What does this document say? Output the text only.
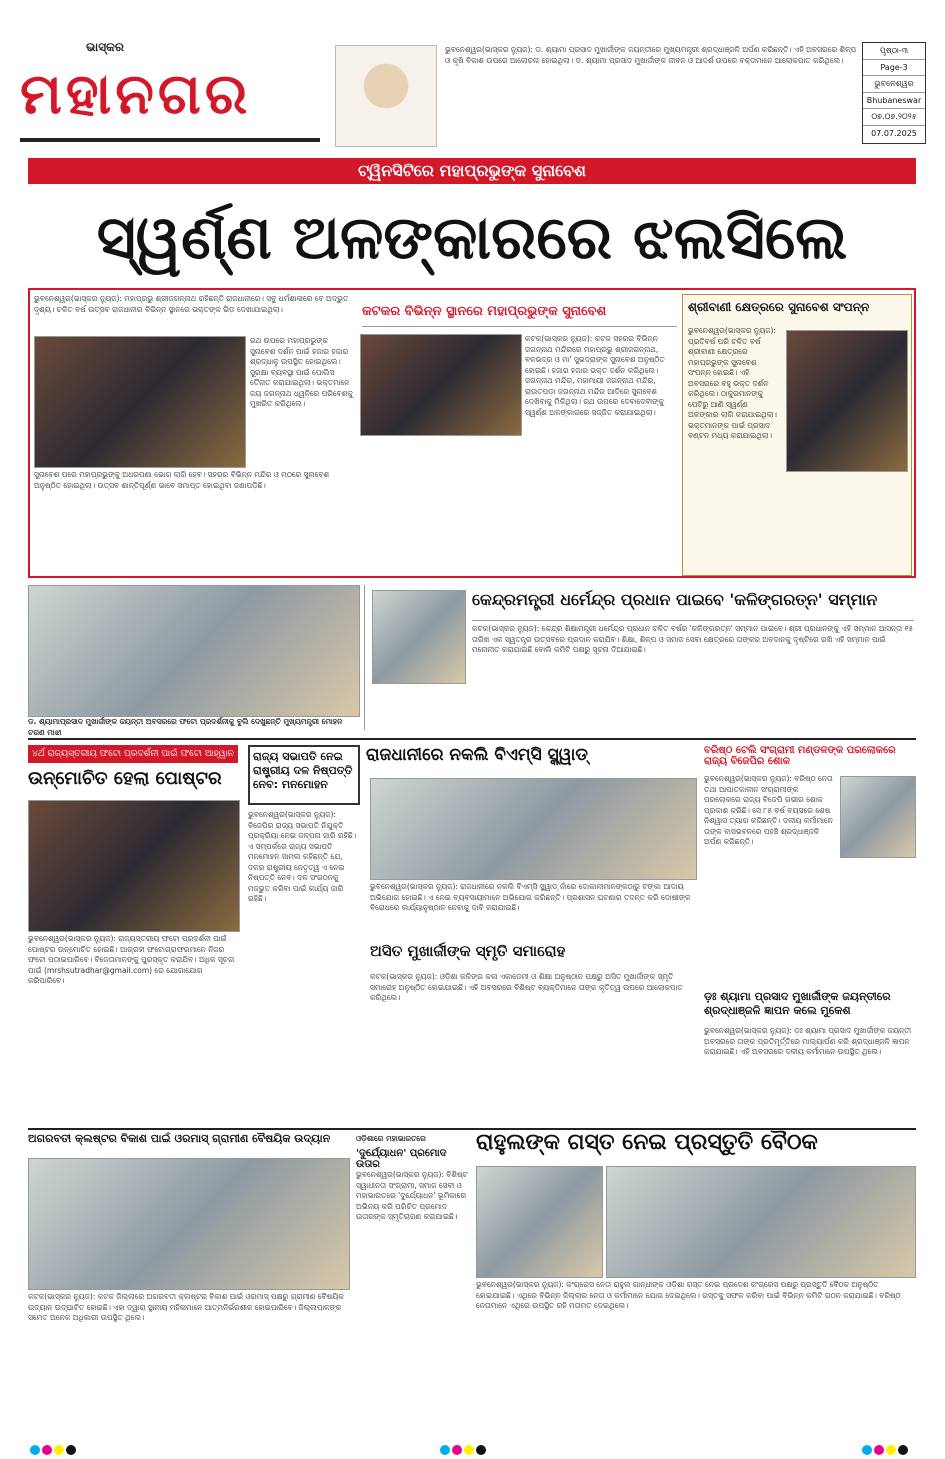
ଭାସ୍କର
ମହାନଗର
ଭୁବନେଶ୍ୱର(ଭାସ୍କର ନ୍ୟୁଜ): ଡ. ଶ୍ୟାମା ପ୍ରସାଦ ମୁଖାର୍ଜୀଙ୍କ ଜୟନ୍ତୀରେ ମୁଖ୍ୟମନ୍ତ୍ରୀ ଶ୍ରଦ୍ଧାଞ୍ଜଳି ଅର୍ପଣ କରିଛନ୍ତି। ଏହି ଅବସରରେ ଶିଳ୍ପ ଓ କୃଷି ବିକାଶ ଉପରେ ଆଲୋଚନା ହୋଇଥିଲା। ଡ. ଶ୍ୟାମା ପ୍ରସାଦ ମୁଖାର୍ଜୀଙ୍କ ଜୀବନ ଓ ଆଦର୍ଶ ଉପରେ ବକ୍ତାମାନେ ଆଲୋକପାତ କରିଥିଲେ।
ପୃଷ୍ଠା-୩
Page-3
ଭୁବନେଶ୍ୱର
Bhubaneswar
୦୭.୦୭.୨୦୨୫
07.07.2025
ଟ୍ୱିନସିଟିରେ ମହାପ୍ରଭୁଙ୍କ ସୁନାବେଶ
ସ୍ୱର୍ଣ୍ଣ ଅଳଙ୍କାରରେ ଝଲସିଲେ
ଭୁବନେଶ୍ୱର(ଭାସ୍କର ନ୍ୟୁଜ): ମହାପ୍ରଭୁ ଶ୍ରୀଜଗନ୍ନାଥ ରହିଛନ୍ତି ରାଜଧାନୀରେ। ସବୁ ଧର୍ମଶାଳାରେ ବେ ଅଦ୍ଭୁତ ଦୃଶ୍ୟ। ଚଳିତ ବର୍ଷ ଉତ୍ସବ ରାଜଧାନୀର ବିଭିନ୍ନ ସ୍ଥାନରେ ଭକ୍ତଙ୍କ ଭିଡ଼ ଦେଖାଯାଇଥିଲା।
ରଥ ଉପରେ ମହାପ୍ରଭୁଙ୍କ ସୁନାବେଶ ଦର୍ଶନ ପାଇଁ ହଜାର ହଜାର ଶ୍ରଦ୍ଧାଳୁ ଉପସ୍ଥିତ ହୋଇଥିଲେ। ସୁରକ୍ଷା ବ୍ୟବସ୍ଥା ପାଇଁ ପୋଲିସ ତୈନାତ କରାଯାଇଥିଲା। ଭକ୍ତମାନେ ଜୟ ଜଗନ୍ନାଥ ଧ୍ୱନିରେ ପରିବେଶକୁ ମୁଖରିତ କରିଥିଲେ।
ସୁନାବେଶ ପରେ ମହାପ୍ରଭୁଙ୍କୁ ଅଧରପଣା ଭୋଗ ଲାଗି ହେବ। ସହରର ବିଭିନ୍ନ ମନ୍ଦିର ଓ ମଠରେ ସୁନାବେଶ ଅନୁଷ୍ଠିତ ହୋଇଥିଲା। ଉତ୍ସବ ଶାନ୍ତିପୂର୍ଣ୍ଣ ଭାବେ ସମାପ୍ତ ହୋଇଥିବା ଜଣାପଡ଼ିଛି।
କଟକର ବିଭିନ୍ନ ସ୍ଥାନରେ ମହାପ୍ରଭୁଙ୍କ ସୁନାବେଶ
କଟକ(ଭାସ୍କର ନ୍ୟୁଜ): କଟକ ସହରର ବିଭିନ୍ନ ଜଗନ୍ନାଥ ମନ୍ଦିରରେ ମହାପ୍ରଭୁ ଶ୍ରୀଜଗନ୍ନାଥ, ବଳଭଦ୍ର ଓ ମା' ସୁଭଦ୍ରାଙ୍କ ସୁନାବେଶ ଅନୁଷ୍ଠିତ ହୋଇଛି। ହଜାର ହଜାର ଭକ୍ତ ଦର୍ଶନ କରିଥିଲେ। ଜଗନ୍ନାଥ ମନ୍ଦିର, ମହାମାୟୀ ଜଗନ୍ନାଥ ମନ୍ଦିର, ରାଉତପଡ଼ା ଜଗନ୍ନାଥ ମନ୍ଦିର ଆଦିରେ ସୁନାବେଶ ଦେଖିବାକୁ ମିଳିଥିଲା। ରଥ ଉପରେ ଦେବାଦେବୀଙ୍କୁ ସ୍ୱର୍ଣ୍ଣ ଅଳଙ୍କାରରେ ସଜ୍ଜିତ କରାଯାଇଥିଲା।
ଶ୍ରୀବାଣୀ କ୍ଷେତ୍ରରେ ସୁନାବେଶ ସଂପନ୍ନ
ଭୁବନେଶ୍ୱର(ଭାସ୍କର ନ୍ୟୁଜ): ପ୍ରତିବର୍ଷ ପରି ଚଳିତ ବର୍ଷ ଶ୍ରୀବାଣୀ କ୍ଷେତ୍ରରେ ମହାପ୍ରଭୁଙ୍କ ସୁନାବେଶ ସଂପନ୍ନ ହୋଇଛି। ଏହି ଅବସରରେ ବହୁ ଭକ୍ତ ଦର୍ଶନ କରିଥିଲେ। ଠାକୁରମାନଙ୍କୁ ପେଟିରୁ ଆଣି ସ୍ୱର୍ଣ୍ଣ ଅଳଙ୍କାର ଲାଗି କରାଯାଇଥିଲା। ଭକ୍ତମାନଙ୍କ ପାଇଁ ପ୍ରସାଦ ବଣ୍ଟନ ମଧ୍ୟ କରାଯାଇଥିଲା।
ଡ. ଶ୍ୟାମାପ୍ରସାଦ ମୁଖାର୍ଜୀଙ୍କ ଜୟନ୍ତୀ ଅବସରରେ ଫଟୋ ପ୍ରଦର୍ଶନୀକୁ ବୁଲି ଦେଖୁଛନ୍ତି ମୁଖ୍ୟମନ୍ତ୍ରୀ ମୋହନ ଚରଣ ମାଝୀ
କେନ୍ଦ୍ରମନ୍ତ୍ରୀ ଧର୍ମେନ୍ଦ୍ର ପ୍ରଧାନ ପାଇବେ 'କଳିଙ୍ଗରତ୍ନ' ସମ୍ମାନ
କଟକ(ଭାସ୍କର ନ୍ୟୁଜ): କେନ୍ଦ୍ର ଶିକ୍ଷାମନ୍ତ୍ରୀ ଧର୍ମେନ୍ଦ୍ର ପ୍ରଧାନ ଚଳିତ ବର୍ଷର 'କଳିଙ୍ଗରତ୍ନ' ସମ୍ମାନ ପାଇବେ। ଶ୍ରୀ ପ୍ରଧାନଙ୍କୁ ଏହି ସମ୍ମାନ ଆସନ୍ତା ୧୫ ତାରିଖ ଏକ ସ୍ୱତନ୍ତ୍ର ଉତ୍ସବରେ ପ୍ରଦାନ କରାଯିବ। ଶିକ୍ଷା, ଶିଳ୍ପ ଓ ସମାଜ ସେବା କ୍ଷେତ୍ରରେ ତାଙ୍କର ଅବଦାନକୁ ଦୃଷ୍ଟିରେ ରଖି ଏହି ସମ୍ମାନ ପାଇଁ ମନୋନୀତ କରାଯାଇଛି ବୋଲି କମିଟି ପକ୍ଷରୁ ସୂଚନା ଦିଆଯାଇଛି।
୪ର୍ଥ ରାଜ୍ୟସ୍ତରୀୟ ଫଟୋ ପ୍ରଦର୍ଶନୀ ପାଇଁ ଫଟୋ ଆହ୍ୱାନ
ଉନ୍ମୋଚିତ ହେଲା ପୋଷ୍ଟର
ଭୁବନେଶ୍ୱର(ଭାସ୍କର ନ୍ୟୁଜ): ରାଜ୍ୟସ୍ତରୀୟ ଫଟୋ ପ୍ରଦର୍ଶନୀ ପାଇଁ ପୋଷ୍ଟର ଉନ୍ମୋଚିତ ହୋଇଛି। ଆଗ୍ରହୀ ଫଟୋଗ୍ରାଫରମାନେ ନିଜର ଫଟୋ ପଠାଇପାରିବେ। ବିଜେତାମାନଙ୍କୁ ପୁରସ୍କୃତ କରାଯିବ। ଅଧିକ ସୂଚନା ପାଇଁ (mrshsutradhar@gmail.com) ରେ ଯୋଗାଯୋଗ କରିପାରିବେ।
ରାଜ୍ୟ ସଭାପତି ନେଇ ରାଷ୍ଟ୍ରୀୟ ଦଳ ନିଷ୍ପତ୍ତି ନେବ: ମନମୋହନ
ଭୁବନେଶ୍ୱର(ଭାସ୍କର ନ୍ୟୁଜ): ବିଜେପିର ରାଜ୍ୟ ସଭାପତି ନିଯୁକ୍ତି ପ୍ରକ୍ରିୟା ନେଇ ଜଳ୍ପନା ଜାରି ରହିଛି। ଏ ସମ୍ପର୍କରେ ରାଜ୍ୟ ସଭାପତି ମନମୋହନ ସାମଲ କହିଛନ୍ତି ଯେ, ଦଳର ରାଷ୍ଟ୍ରୀୟ ନେତୃତ୍ୱ ଏ ନେଇ ନିଷ୍ପତ୍ତି ନେବ। ଦଳ ସଂଗଠନକୁ ମଜଭୁତ କରିବା ପାଇଁ କାର୍ଯ୍ୟ ଜାରି ରହିଛି।
ରାଜଧାନୀରେ ନକଲି ବିଏମ୍‌ସି ସ୍କ୍ୱାଡ୍
ଭୁବନେଶ୍ୱର(ଭାସ୍କର ନ୍ୟୁଜ): ରାଜଧାନୀରେ ନକଲି ବିଏମ୍‌ସି ସ୍କ୍ୱାଡ୍ ନାଁରେ ଦୋକାନୀମାନଙ୍କଠାରୁ ଟଙ୍କା ଆଦାୟ ଅଭିଯୋଗ ହୋଇଛି। ଏ ନେଇ ବ୍ୟବସାୟୀମାନେ ଅଭିଯୋଗ କରିଛନ୍ତି। ପ୍ରଶାସନ ଘଟଣାର ତଦନ୍ତ କରି ଦୋଷୀଙ୍କ ବିରୋଧରେ କାର୍ଯ୍ୟାନୁଷ୍ଠାନ ନେବାକୁ ଦାବି କରାଯାଇଛି।
ଅସିତ ମୁଖାର୍ଜୀଙ୍କ ସ୍ମୃତି ସମାରୋହ
କଟକ(ଭାସ୍କର ନ୍ୟୁଜ): ଓଡ଼ିଶା କଳିଙ୍ଗ କଳା ଏକାଡେମୀ ଓ ଶିକ୍ଷା ଅନୁଷ୍ଠାନ ପକ୍ଷରୁ ଅସିତ ମୁଖାର୍ଜୀଙ୍କ ସ୍ମୃତି ସମାରୋହ ଅନୁଷ୍ଠିତ ହୋଇଯାଇଛି। ଏହି ଅବସରରେ ବିଶିଷ୍ଟ ବ୍ୟକ୍ତିମାନେ ତାଙ୍କ କୃତିତ୍ୱ ଉପରେ ଆଲୋକପାତ କରିଥିଲେ।
ବରିଷ୍ଠ ଟେଲି ସଂଗ୍ରାମୀ ମଣ୍ଡଳଙ୍କ ପରଲୋକରେ ରାଜ୍ୟ ବିଜେପିର ଶୋକ
ଭୁବନେଶ୍ୱର(ଭାସ୍କର ନ୍ୟୁଜ): ବରିଷ୍ଠ ନେତା ତଥା ଆପାତକାଳୀନ ସଂଗ୍ରାମୀଙ୍କ ପରଲୋକରେ ରାଜ୍ୟ ବିଜେପି ଗଭୀର ଶୋକ ପ୍ରକାଶ କରିଛି। ସେ ୮୫ ବର୍ଷ ବୟସରେ ଶେଷ ନିଶ୍ୱାସ ତ୍ୟାଗ କରିଛନ୍ତି। ଦଳୀୟ କର୍ମୀମାନେ ତାଙ୍କ ବାସଭବନରେ ପହଞ୍ଚି ଶ୍ରଦ୍ଧାଞ୍ଜଳି ଅର୍ପଣ କରିଛନ୍ତି।
ଡ଼ଃ ଶ୍ୟାମା ପ୍ରସାଦ ମୁଖାର୍ଜୀଙ୍କ ଜୟନ୍ତୀରେ ଶ୍ରଦ୍ଧାଞ୍ଜଳି ଜ୍ଞାପନ କଲେ ମୁକେଶ
ଭୁବନେଶ୍ୱର(ଭାସ୍କର ନ୍ୟୁଜ): ଡ଼ଃ ଶ୍ୟାମା ପ୍ରସାଦ ମୁଖାର୍ଜୀଙ୍କ ଜୟନ୍ତୀ ଅବସରରେ ତାଙ୍କ ପ୍ରତିମୂର୍ତ୍ତିରେ ମାଲ୍ୟାର୍ପଣ କରି ଶ୍ରଦ୍ଧାଞ୍ଜଳି ଜ୍ଞାପନ କରାଯାଇଛି। ଏହି ଅବସରରେ ଦଳୀୟ କର୍ମୀମାନେ ଉପସ୍ଥିତ ଥିଲେ।
ଅଗରବତୀ କ୍ଲଷ୍ଟର ବିକାଶ ପାଇଁ ଓରମାସ୍ ଗ୍ରାମୀଣ ବୈଷୟିକ ଉଦ୍ୟାନ
କଟକ(ଭାସ୍କର ନ୍ୟୁଜ): କଟକ ଜିଲ୍ଲାରେ ଅଗରବତୀ କ୍ଲଷ୍ଟର ବିକାଶ ପାଇଁ ଓରମାସ୍ ପକ୍ଷରୁ ଗ୍ରାମୀଣ ବୈଷୟିକ ଉଦ୍ୟାନ ଉଦ୍‌ଘାଟିତ ହୋଇଛି। ଏହା ଦ୍ୱାରା ସ୍ଥାନୀୟ ମହିଳାମାନେ ଆତ୍ମନିର୍ଭରଶୀଳ ହୋଇପାରିବେ। ଜିଲ୍ଲାପାଳଙ୍କ ସମେତ ଅନେକ ଅଧିକାରୀ ଉପସ୍ଥିତ ଥିଲେ।
ଓଡ଼ିଶାରେ ମହାଭାରତରେ
'ଦୁର୍ଯ୍ୟୋଧନ' ପ୍ରମୋଦ ଉତାର
ଭୁବନେଶ୍ୱର(ଭାସ୍କର ନ୍ୟୁଜ): ବିଶିଷ୍ଟ ସ୍ୱାଧୀନତା ସଂଗ୍ରାମୀ, ସମାଜ ସେବୀ ଓ ମହାଭାରତରେ 'ଦୁର୍ଯ୍ୟୋଧନ' ଭୂମିକାରେ ଅଭିନୟ କରି ପରିଚିତ ପ୍ରମୋଦ ଉତାରଙ୍କ ସ୍ମୃତିଚାରଣ କରାଯାଇଛି।
ରାହୁଲଙ୍କ ଗସ୍ତ ନେଇ ପ୍ରସ୍ତୁତି ବୈଠକ
ଭୁବନେଶ୍ୱର(ଭାସ୍କର ନ୍ୟୁଜ): କଂଗ୍ରେସ ନେତା ରାହୁଲ ଗାନ୍ଧୀଙ୍କ ଓଡ଼ିଶା ଗସ୍ତ ନେଇ ପ୍ରଦେଶ କଂଗ୍ରେସ ପକ୍ଷରୁ ପ୍ରସ୍ତୁତି ବୈଠକ ଅନୁଷ୍ଠିତ ହୋଇଯାଇଛି। ଏଥିରେ ବିଭିନ୍ନ ଜିଲ୍ଲାର ନେତା ଓ କର୍ମୀମାନେ ଯୋଗ ଦେଇଥିଲେ। ଗସ୍ତକୁ ସଫଳ କରିବା ପାଇଁ ବିଭିନ୍ନ କମିଟି ଗଠନ କରାଯାଇଛି। ବରିଷ୍ଠ ନେତାମାନେ ଏଥିରେ ଉପସ୍ଥିତ ରହି ମତାମତ ଦେଇଥିଲେ।
